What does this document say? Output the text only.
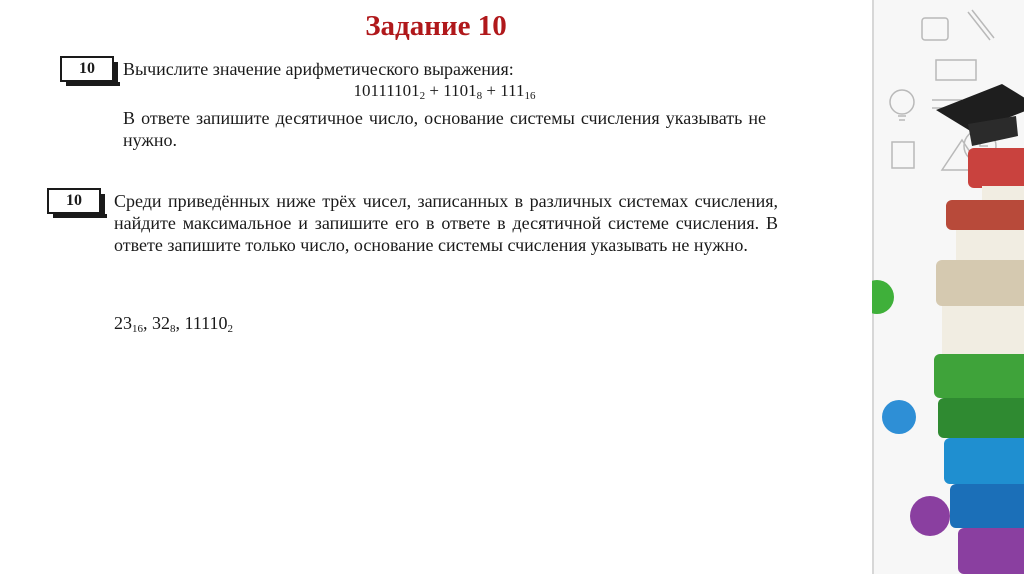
Задание 10
10	Вычислите значение арифметического выражения:

$10111101_2 + 1101_8 + 111_{16}$

В ответе запишите десятичное число, основание системы счисления указывать не нужно.

10	Среди приведённых ниже трёх чисел, записанных в различных системах счисления, найдите максимальное и запишите его в ответе в десятичной системе счисления. В ответе запишите только число, основание системы счисления указывать не нужно.

$23_{16}$, $32_8$, $11110_2$
